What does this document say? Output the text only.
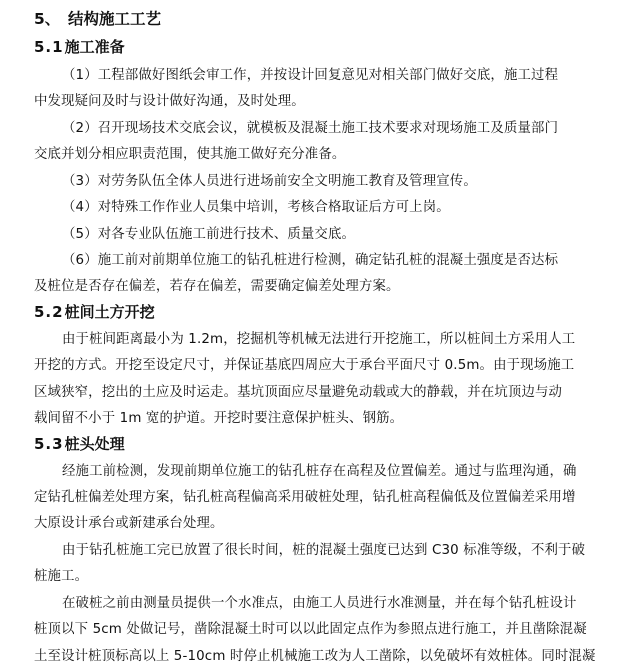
5、 结构施工工艺
5.1施工准备
（1）工程部做好图纸会审工作，并按设计回复意见对相关部门做好交底，施工过程
中发现疑问及时与设计做好沟通，及时处理。
（2）召开现场技术交底会议，就模板及混凝土施工技术要求对现场施工及质量部门
交底并划分相应职责范围，使其施工做好充分准备。
（3）对劳务队伍全体人员进行进场前安全文明施工教育及管理宣传。
（4）对特殊工作作业人员集中培训，考核合格取证后方可上岗。
（5）对各专业队伍施工前进行技术、质量交底。
（6）施工前对前期单位施工的钻孔桩进行检测，确定钻孔桩的混凝土强度是否达标
及桩位是否存在偏差，若存在偏差，需要确定偏差处理方案。
5.2桩间土方开挖
由于桩间距离最小为 1.2m，挖掘机等机械无法进行开挖施工，所以桩间土方采用人工
开挖的方式。开挖至设定尺寸，并保证基底四周应大于承台平面尺寸 0.5m。由于现场施工
区域狭窄，挖出的土应及时运走。基坑顶面应尽量避免动载或大的静载，并在坑顶边与动
载间留不小于 1m 宽的护道。开挖时要注意保护桩头、钢筋。
5.3桩头处理
经施工前检测，发现前期单位施工的钻孔桩存在高程及位置偏差。通过与监理沟通，确
定钻孔桩偏差处理方案，钻孔桩高程偏高采用破桩处理，钻孔桩高程偏低及位置偏差采用增
大原设计承台或新建承台处理。
由于钻孔桩施工完已放置了很长时间，桩的混凝土强度已达到 C30 标准等级，不利于破
桩施工。
在破桩之前由测量员提供一个水准点，由施工人员进行水准测量，并在每个钻孔桩设计
桩顶以下 5cm 处做记号，凿除混凝土时可以以此固定点作为参照点进行施工，并且凿除混凝
土至设计桩顶标高以上 5-10cm 时停止机械施工改为人工凿除，以免破坏有效桩体。同时混凝
